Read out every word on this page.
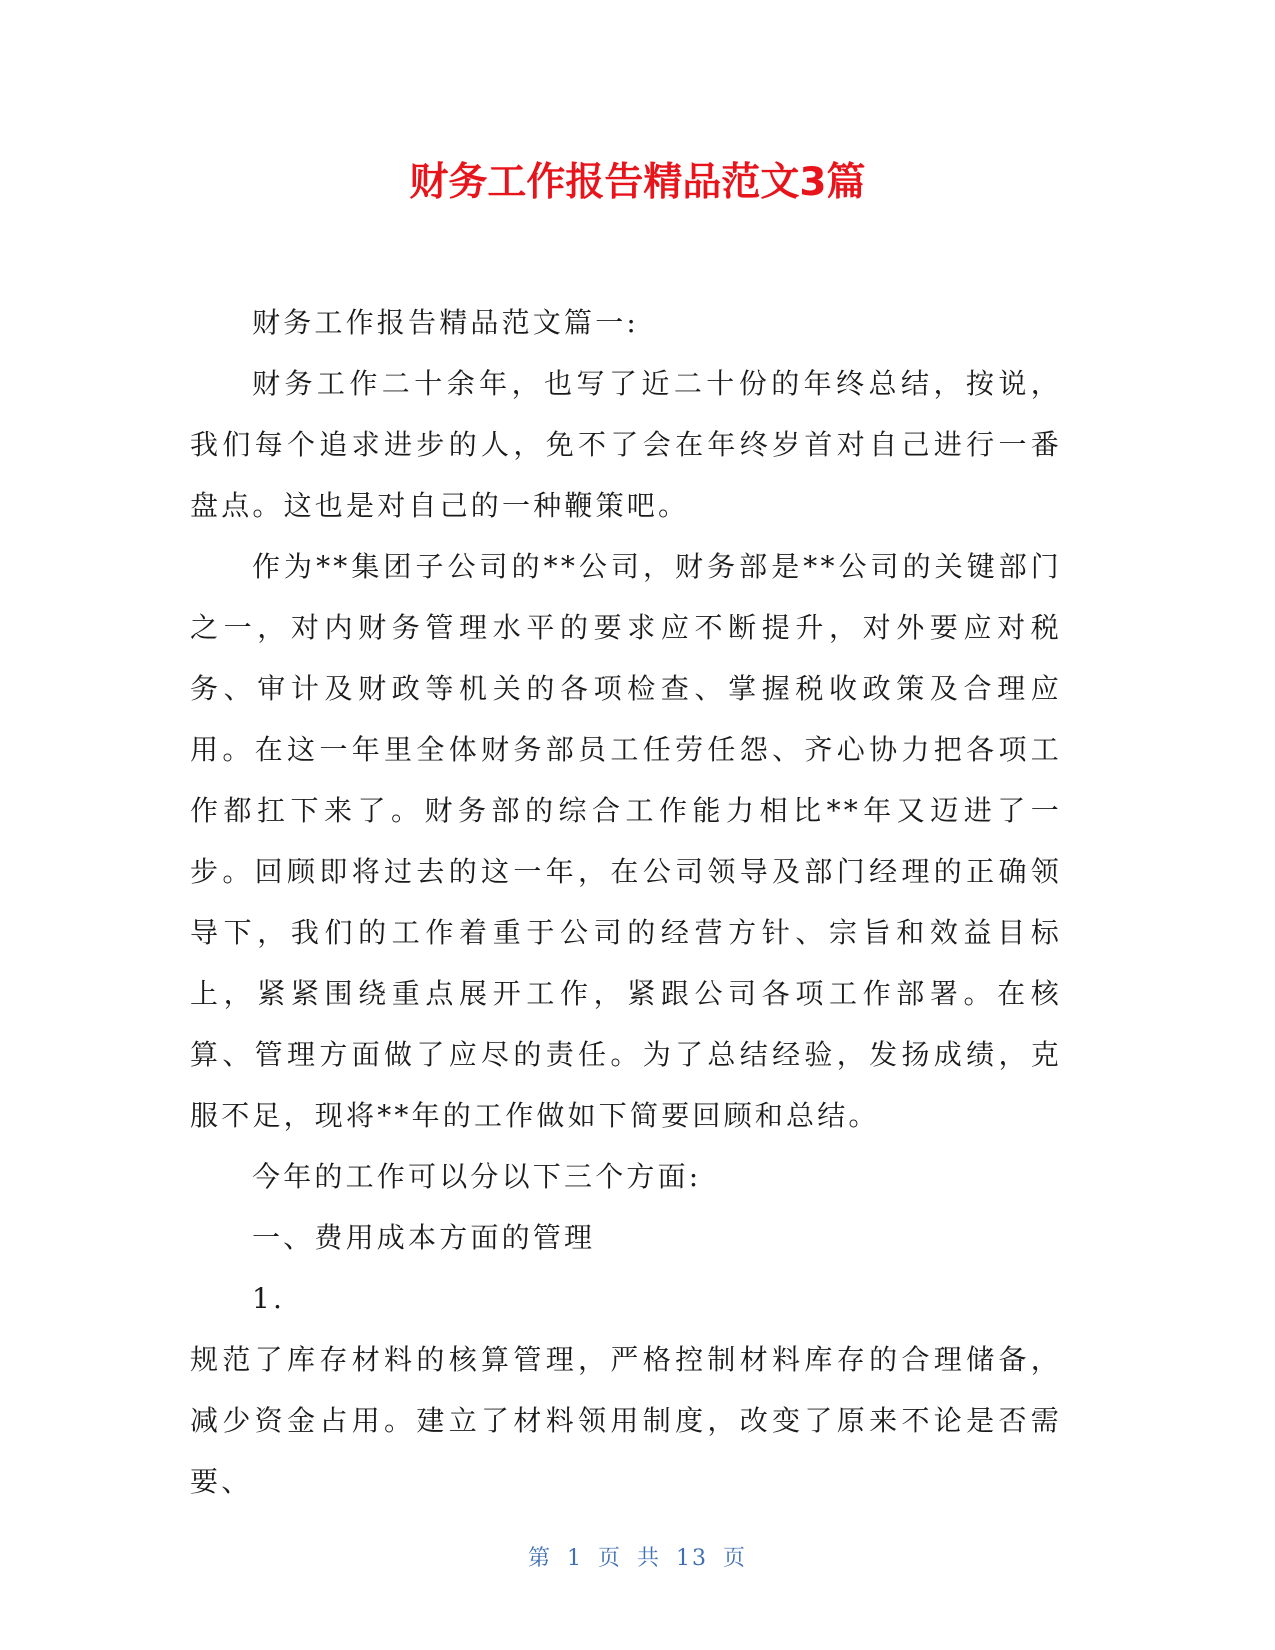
财务工作报告精品范文3篇

财务工作报告精品范文篇一:

财务工作二十余年，也写了近二十份的年终总结，按说，我们每个追求进步的人，免不了会在年终岁首对自己进行一番盘点。这也是对自己的一种鞭策吧。

作为**集团子公司的**公司，财务部是**公司的关键部门之一，对内财务管理水平的要求应不断提升，对外要应对税务、审计及财政等机关的各项检查、掌握税收政策及合理应用。在这一年里全体财务部员工任劳任怨、齐心协力把各项工作都扛下来了。财务部的综合工作能力相比**年又迈进了一步。回顾即将过去的这一年，在公司领导及部门经理的正确领导下，我们的工作着重于公司的经营方针、宗旨和效益目标上，紧紧围绕重点展开工作，紧跟公司各项工作部署。在核算、管理方面做了应尽的责任。为了总结经验，发扬成绩，克服不足，现将**年的工作做如下简要回顾和总结。

今年的工作可以分以下三个方面:

一、费用成本方面的管理

1.

规范了库存材料的核算管理，严格控制材料库存的合理储备，减少资金占用。建立了材料领用制度，改变了原来不论是否需要、

第 1 页 共 13 页
